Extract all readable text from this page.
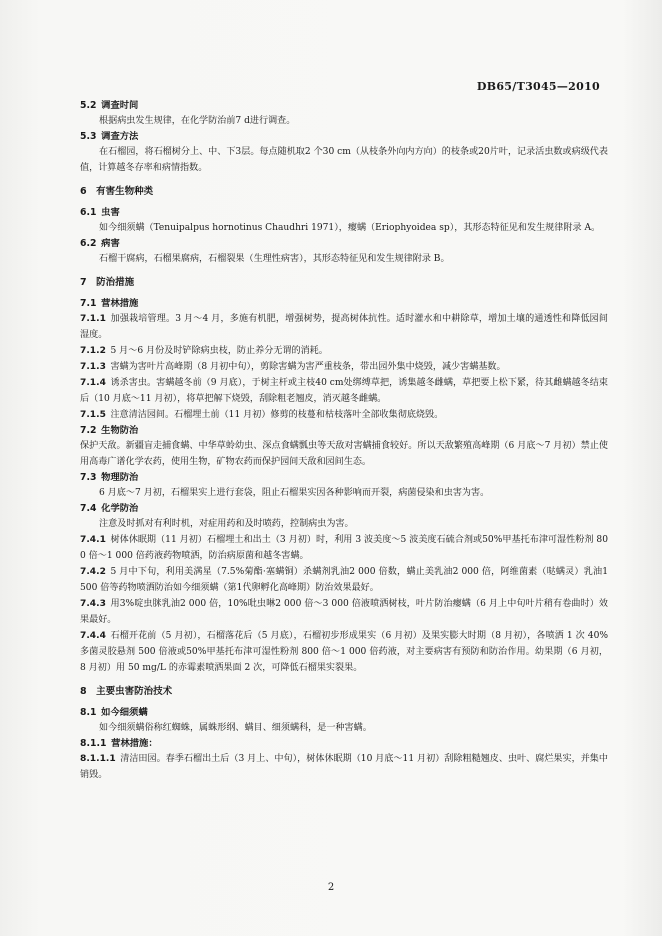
DB65/T3045—2010
5.2  调查时间

根据病虫发生规律，在化学防治前7 d进行调查。

5.3  调查方法

在石榴园，将石榴树分上、中、下3层。每点随机取2 个30 cm（从枝条外向内方向）的枝条或20片叶，记录活虫数或病级代表值，计算越冬存率和病情指数。

6  有害生物种类
6.1  虫害

如今细须螨（Tenuipalpus hornotinus Chaudhri 1971），瘿螨（Eriophyoidea sp），其形态特征见和发生规律附录 A。

6.2  病害

石榴干腐病，石榴果腐病，石榴裂果（生理性病害），其形态特征见和发生规律附录 B。

7  防治措施
7.1  营林措施

7.1.1  加强栽培管理。3 月～4 月，多施有机肥，增强树势，提高树体抗性。适时灌水和中耕除草，增加土壤的通透性和降低园间湿度。

7.1.2  5 月～6 月份及时铲除病虫枝，防止养分无谓的消耗。

7.1.3  害螨为害叶片高峰期（8 月初中旬），剪除害螨为害严重枝条，带出园外集中烧毁，减少害螨基数。

7.1.4  诱杀害虫。害螨越冬前（9 月底），于树主杆或主枝40 cm处绑缚草把，诱集越冬雌螨，草把要上松下紧，待其雌螨越冬结束后（10 月底～11 月初），将草把解下烧毁，刮除粗老翘皮，消灭越冬雌螨。

7.1.5  注意清洁园间。石榴埋土前（11 月初）修剪的枝蔓和枯枝落叶全部收集彻底烧毁。

7.2  生物防治

保护天敌。新疆盲走捕食螨、中华草蛉幼虫、深点食螨瓢虫等天敌对害螨捕食较好。所以天敌繁殖高峰期（6 月底～7 月初）禁止使用高毒广谱化学农药，使用生物，矿物农药而保护园间天敌和园间生态。

7.3  物理防治

6 月底～7 月初，石榴果实上进行套袋，阻止石榴果实因各种影响而开裂，病菌侵染和虫害为害。

7.4  化学防治

注意及时抓对有利时机，对症用药和及时喷药，控制病虫为害。

7.4.1  树体休眠期（11 月初）石榴埋土和出土（3 月初）时，利用 3 波美度～5 波美度石硫合剂或50%甲基托布津可湿性粉剂 800 倍～1 000 倍药液药物喷洒，防治病原菌和越冬害螨。

7.4.2  5 月中下旬，利用美满星（7.5%菊酯·塞螨铜）杀螨剂乳油2 000 倍数，螨止美乳油2 000 倍，阿维菌素（哒螨灵）乳油1 500 倍等药物喷洒防治如今细须螨（第1代卵孵化高峰期）防治效果最好。

7.4.3  用3%啶虫脒乳油2 000 倍，10%吡虫啉2 000 倍～3 000 倍液喷洒树枝，叶片防治瘿螨（6 月上中旬叶片稍有卷曲时）效果最好。

7.4.4  石榴开花前（5 月初），石榴落花后（5 月底），石榴初步形成果实（6 月初）及果实膨大时期（8 月初），各喷洒 1 次 40%多菌灵胶悬剂 500 倍液或50%甲基托布津可湿性粉剂 800 倍～1 000 倍药液，对主要病害有预防和防治作用。幼果期（6 月初，8 月初）用 50 mg/L 的赤霉素喷洒果面 2 次，可降低石榴果实裂果。

8  主要虫害防治技术
8.1  如今细须螨

如今细须螨俗称红蜘蛛，属蛛形纲、螨目、细须螨科，是一种害螨。

8.1.1  营林措施：

8.1.1.1  清洁田园。春季石榴出土后（3 月上、中旬），树体休眠期（10 月底～11 月初）刮除粗糙翘皮、虫叶、腐烂果实，并集中销毁。

2
